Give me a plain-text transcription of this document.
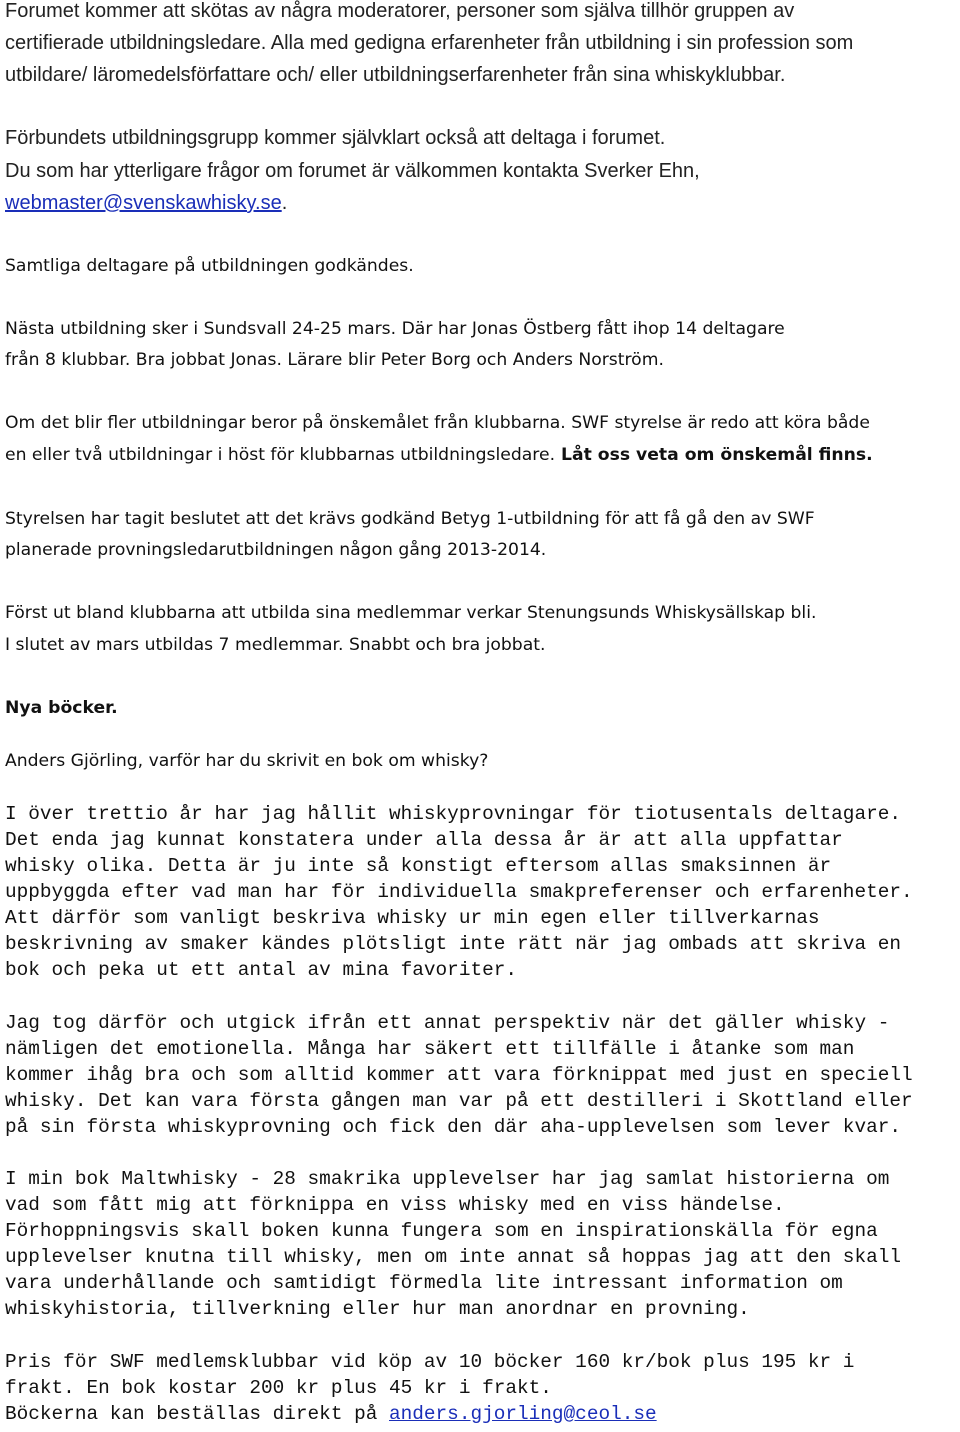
Forumet kommer att skötas av några moderatorer, personer som själva tillhör gruppen av

certifierade utbildningsledare. Alla med gedigna erfarenheter från utbildning i sin profession som

utbildare/ läromedelsförfattare och/ eller utbildningserfarenheter från sina whiskyklubbar.

Förbundets utbildningsgrupp kommer självklart också att deltaga i forumet.

Du som har ytterligare frågor om forumet är välkommen kontakta Sverker Ehn,

webmaster@svenskawhisky.se.

Samtliga deltagare på utbildningen godkändes.

Nästa utbildning sker i Sundsvall 24-25 mars. Där har Jonas Östberg fått ihop 14 deltagare

från 8 klubbar. Bra jobbat Jonas. Lärare blir Peter Borg och Anders Norström.

Om det blir fler utbildningar beror på önskemålet från klubbarna. SWF styrelse är redo att köra både

en eller två utbildningar i höst för klubbarnas utbildningsledare. Låt oss veta om önskemål finns.

Styrelsen har tagit beslutet att det krävs godkänd Betyg 1-utbildning för att få gå den av SWF

planerade provningsledarutbildningen någon gång 2013-2014.

Först ut bland klubbarna att utbilda sina medlemmar verkar Stenungsunds Whiskysällskap bli.

I slutet av mars utbildas 7 medlemmar. Snabbt och bra jobbat.

Nya böcker.

Anders Gjörling, varför har du skrivit en bok om whisky?

I över trettio år har jag hållit whiskyprovningar för tiotusentals deltagare.

Det enda jag kunnat konstatera under alla dessa år är att alla uppfattar

whisky olika. Detta är ju inte så konstigt eftersom allas smaksinnen är

uppbyggda efter vad man har för individuella smakpreferenser och erfarenheter.

Att därför som vanligt beskriva whisky ur min egen eller tillverkarnas

beskrivning av smaker kändes plötsligt inte rätt när jag ombads att skriva en

bok och peka ut ett antal av mina favoriter.

Jag tog därför och utgick ifrån ett annat perspektiv när det gäller whisky -

nämligen det emotionella. Många har säkert ett tillfälle i åtanke som man

kommer ihåg bra och som alltid kommer att vara förknippat med just en speciell

whisky. Det kan vara första gången man var på ett destilleri i Skottland eller

på sin första whiskyprovning och fick den där aha-upplevelsen som lever kvar.

I min bok Maltwhisky - 28 smakrika upplevelser har jag samlat historierna om

vad som fått mig att förknippa en viss whisky med en viss händelse.

Förhoppningsvis skall boken kunna fungera som en inspirationskälla för egna

upplevelser knutna till whisky, men om inte annat så hoppas jag att den skall

vara underhållande och samtidigt förmedla lite intressant information om

whiskyhistoria, tillverkning eller hur man anordnar en provning.

Pris för SWF medlemsklubbar vid köp av 10 böcker 160 kr/bok plus 195 kr i

frakt. En bok kostar 200 kr plus 45 kr i frakt.

Böckerna kan beställas direkt på anders.gjorling@ceol.se
